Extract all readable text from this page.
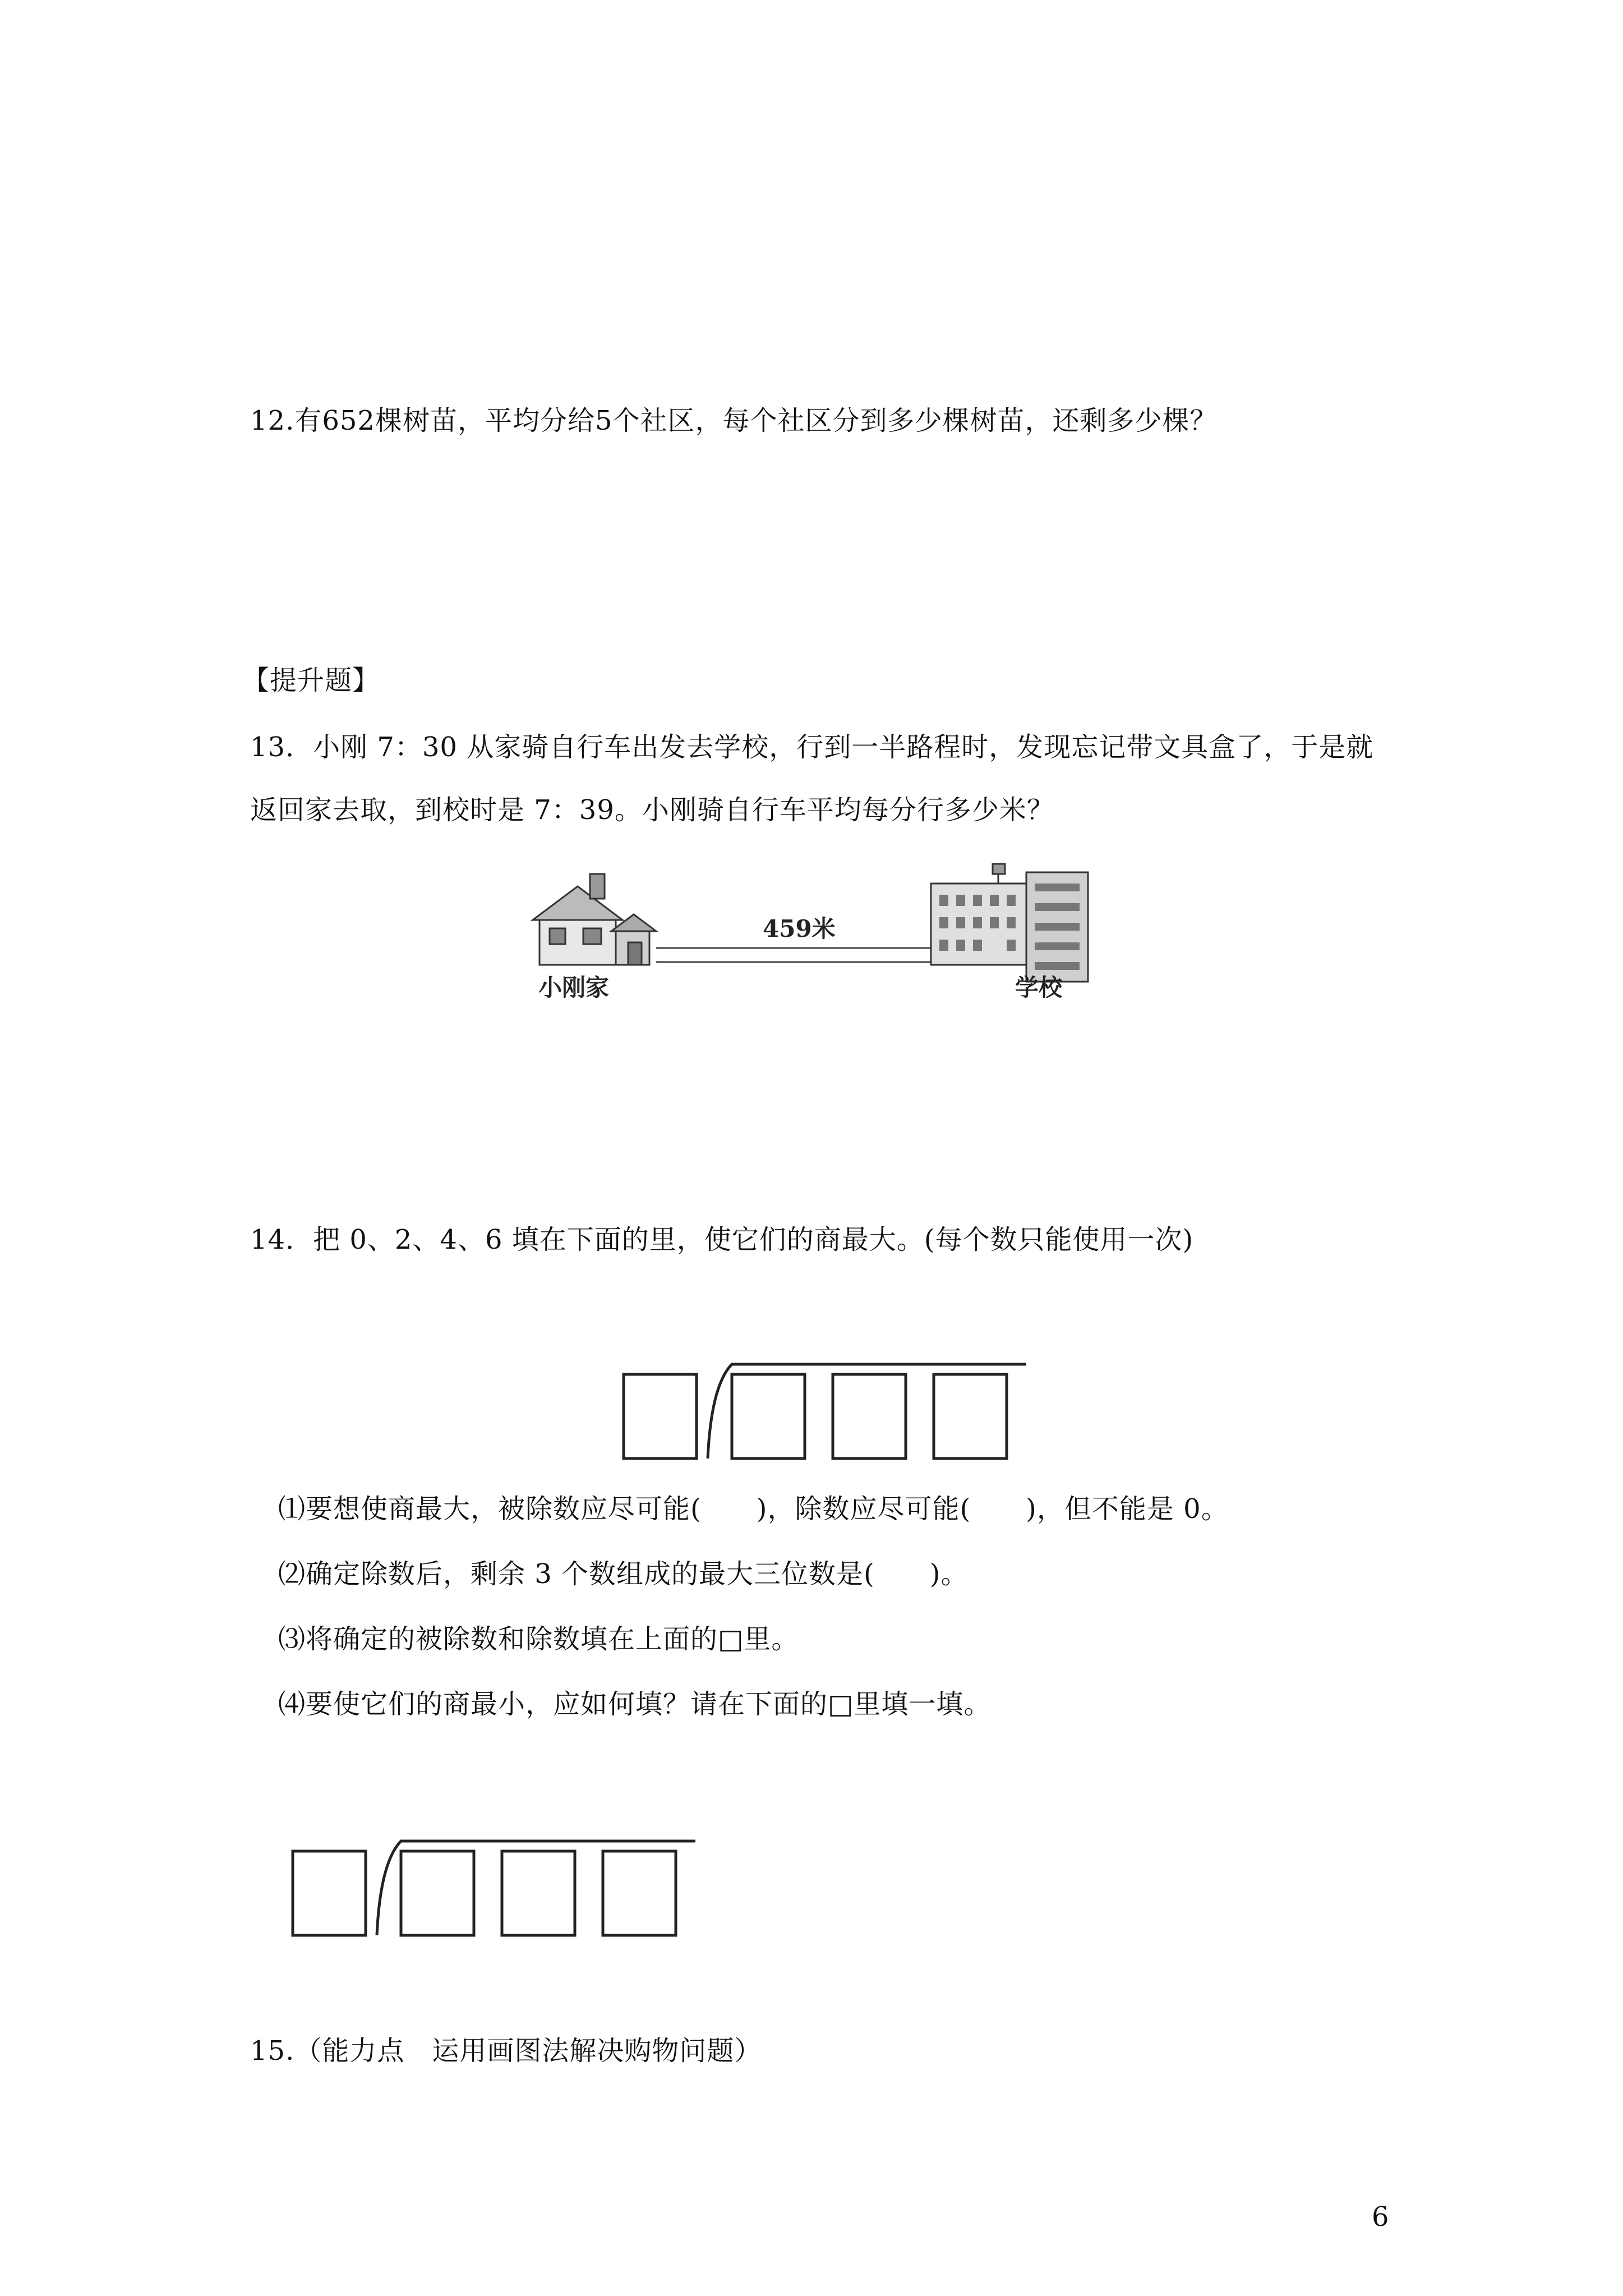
12.有652棵树苗，平均分给5个社区，每个社区分到多少棵树苗，还剩多少棵？
【提升题】
13．小刚 7：30 从家骑自行车出发去学校，行到一半路程时，发现忘记带文具盒了，于是就
返回家去取，到校时是 7：39。小刚骑自行车平均每分行多少米？
459米
小刚家	学校
14．把 0、2、4、6 填在下面的里，使它们的商最大。(每个数只能使用一次)
⑴要想使商最大，被除数应尽可能(　　)，除数应尽可能(　　)，但不能是 0。
⑵确定除数后，剩余 3 个数组成的最大三位数是(　　)。
⑶将确定的被除数和除数填在上面的□里。
⑷要使它们的商最小，应如何填？请在下面的□里填一填。
15.（能力点　运用画图法解决购物问题）
6
